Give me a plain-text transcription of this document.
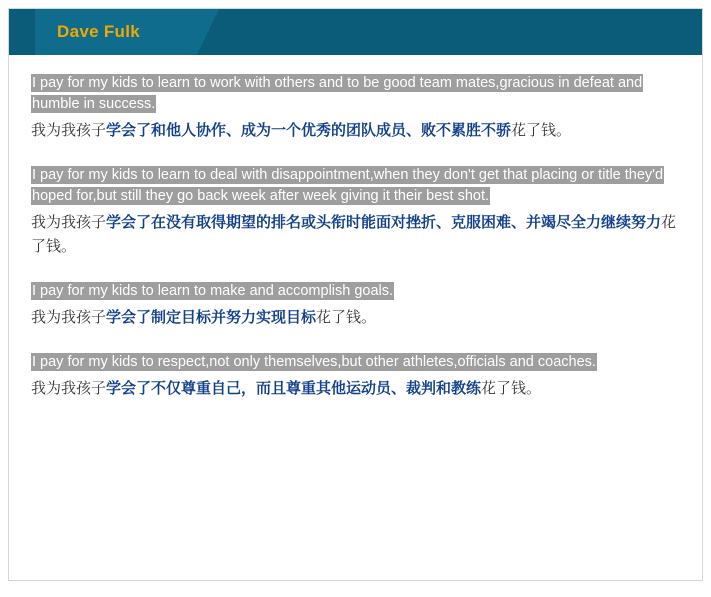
Dave Fulk

I pay for my kids to learn to work with others and to be good team mates,gracious in defeat and humble in success.

我为我孩子学会了和他人协作、成为一个优秀的团队成员、败不累胜不骄花了钱。

I pay for my kids to learn to deal with disappointment,when they don't get that placing or title they'd hoped for,but still they go back week after week giving it their best shot.

我为我孩子学会了在没有取得期望的排名或头衔时能面对挫折、克服困难、并竭尽全力继续努力花了钱。

I pay for my kids to learn to make and accomplish goals.

我为我孩子学会了制定目标并努力实现目标花了钱。

I pay for my kids to respect,not only themselves,but other athletes,officials and coaches.

我为我孩子学会了不仅尊重自己，而且尊重其他运动员、裁判和教练花了钱。
